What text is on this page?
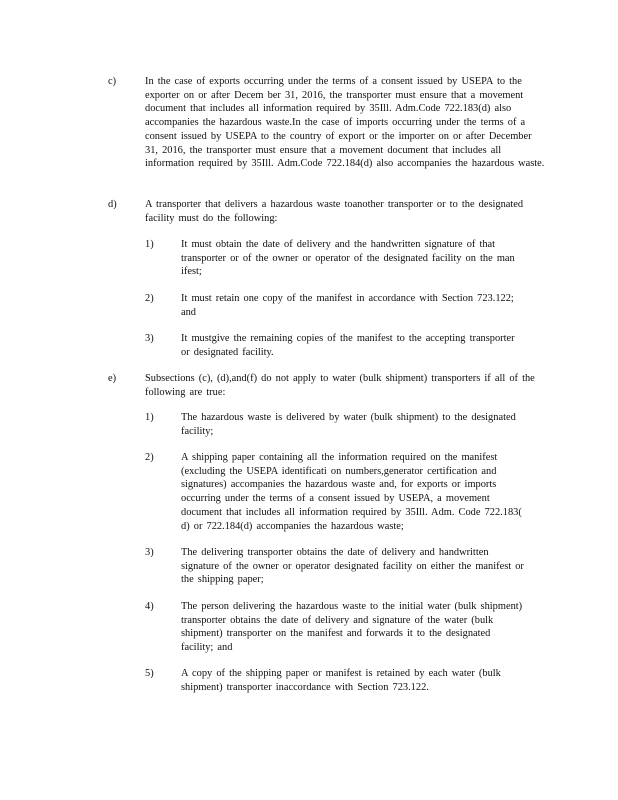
c)	In the case of exports occurring under the terms of a consent issued by USEPA to the exporter on or after Decem ber 31, 2016, the transporter must ensure that a movement document that includes all information required by 35Ill. Adm.Code 722.183(d) also accompanies the hazardous waste.In the case of imports occurring under the terms of a consent issued by USEPA to the country of export or the importer on or after December 31, 2016, the transporter must ensure that a movement document that includes all information required by 35Ill. Adm.Code 722.184(d) also accompanies the hazardous waste.
d)	A transporter that delivers a hazardous waste toanother transporter or to the designated facility must do the following:
1)	It must obtain the date of delivery and the handwritten signature of that transporter or of the owner or operator of the designated facility on the man ifest;
2)	It must retain one copy of the manifest in accordance with Section 723.122; and
3)	It mustgive the remaining copies of the manifest to the accepting transporter or designated facility.
e)	Subsections (c), (d),and(f) do not apply to water (bulk shipment) transporters if all of the following are true:
1)	The hazardous waste is delivered by water (bulk shipment) to the designated facility;
2)	A shipping paper containing all the information required on the manifest (excluding the USEPA identificati on numbers,generator certification and signatures) accompanies the hazardous waste and, for exports or imports occurring under the terms of a consent issued by USEPA, a movement document that includes all information required by 35Ill. Adm. Code 722.183( d) or 722.184(d) accompanies the hazardous waste;
3)	The delivering transporter obtains the date of delivery and handwritten signature of the owner or operator designated facility on either the manifest or the shipping paper;
4)	The person delivering the hazardous waste to the initial water (bulk shipment) transporter obtains the date of delivery and signature of the water (bulk shipment) transporter on the manifest and forwards it to the designated facility; and
5)	A copy of the shipping paper or manifest is retained by each water (bulk shipment) transporter inaccordance with Section 723.122.
